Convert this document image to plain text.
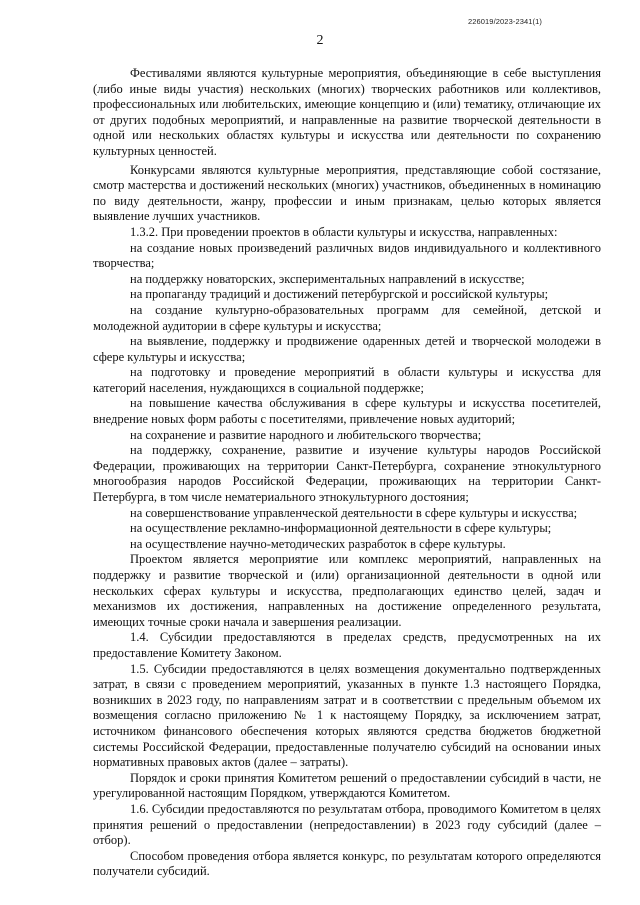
226019/2023-2341(1)
2

Фестивалями являются культурные мероприятия, объединяющие в себе выступления (либо иные виды участия) нескольких (многих) творческих работников или коллективов, профессиональных или любительских, имеющие концепцию и (или) тематику, отличающие их от других подобных мероприятий, и направленные на развитие творческой деятельности в одной или нескольких областях культуры и искусства или деятельности по сохранению культурных ценностей.

Конкурсами являются культурные мероприятия, представляющие собой состязание, смотр мастерства и достижений нескольких (многих) участников, объединенных в номинацию по виду деятельности, жанру, профессии и иным признакам, целью которых является выявление лучших участников.

1.3.2. При проведении проектов в области культуры и искусства, направленных:

на создание новых произведений различных видов индивидуального и коллективного творчества;

на поддержку новаторских, экспериментальных направлений в искусстве;

на пропаганду традиций и достижений петербургской и российской культуры;

на создание культурно-образовательных программ для семейной, детской и молодежной аудитории в сфере культуры и искусства;

на выявление, поддержку и продвижение одаренных детей и творческой молодежи в сфере культуры и искусства;

на подготовку и проведение мероприятий в области культуры и искусства для категорий населения, нуждающихся в социальной поддержке;

на повышение качества обслуживания в сфере культуры и искусства посетителей, внедрение новых форм работы с посетителями, привлечение новых аудиторий;

на сохранение и развитие народного и любительского творчества;

на поддержку, сохранение, развитие и изучение культуры народов Российской Федерации, проживающих на территории Санкт-Петербурга, сохранение этнокультурного многообразия народов Российской Федерации, проживающих на территории Санкт-Петербурга, в том числе нематериального этнокультурного достояния;

на совершенствование управленческой деятельности в сфере культуры и искусства;

на осуществление рекламно-информационной деятельности в сфере культуры;

на осуществление научно-методических разработок в сфере культуры.

Проектом является мероприятие или комплекс мероприятий, направленных на поддержку и развитие творческой и (или) организационной деятельности в одной или нескольких сферах культуры и искусства, предполагающих единство целей, задач и механизмов их достижения, направленных на достижение определенного результата, имеющих точные сроки начала и завершения реализации.

1.4. Субсидии предоставляются в пределах средств, предусмотренных на их предоставление Комитету Законом.

1.5. Субсидии предоставляются в целях возмещения документально подтвержденных затрат, в связи с проведением мероприятий, указанных в пункте 1.3 настоящего Порядка, возникших в 2023 году, по направлениям затрат и в соответствии с предельным объемом их возмещения согласно приложению № 1 к настоящему Порядку, за исключением затрат, источником финансового обеспечения которых являются средства бюджетов бюджетной системы Российской Федерации, предоставленные получателю субсидий на основании иных нормативных правовых актов (далее – затраты).

Порядок и сроки принятия Комитетом решений о предоставлении субсидий в части, не урегулированной настоящим Порядком, утверждаются Комитетом.

1.6. Субсидии предоставляются по результатам отбора, проводимого Комитетом в целях принятия решений о предоставлении (непредоставлении) в 2023 году субсидий (далее – отбор).

Способом проведения отбора является конкурс, по результатам которого определяются получатели субсидий.
